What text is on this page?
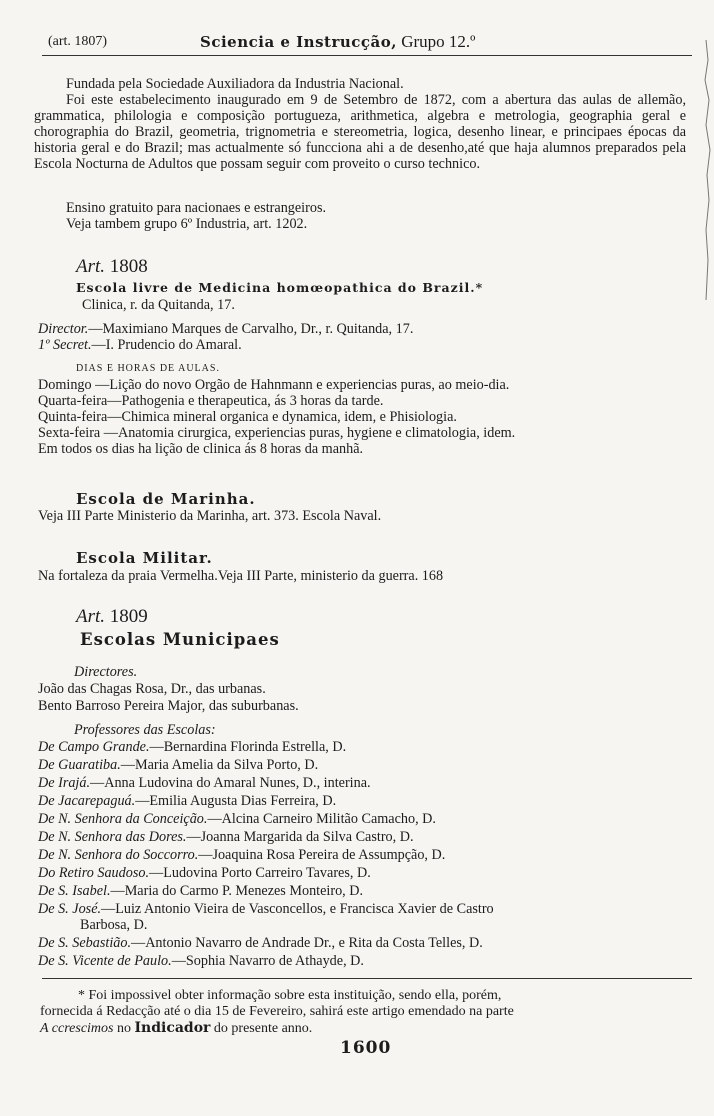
(art. 1807)	Sciencia e Instrucção, Grupo 12.º
Fundada pela Sociedade Auxiliadora da Industria Nacional.
Foi este estabelecimento inaugurado em 9 de Setembro de 1872, com a abertura das aulas de allemão, grammatica, philologia e composição portugueza, arithmetica, algebra e metrologia, geographia geral e chorographia do Brazil, geometria, trignometria e stereometria, logica, desenho linear, e principaes épocas da historia geral e do Brazil; mas actualmente só funcciona ahi a de desenho,até que haja alumnos preparados pela Escola Nocturna de Adultos que possam seguir com proveito o curso technico.
Ensino gratuito para nacionaes e estrangeiros.
Veja tambem grupo 6º Industria, art. 1202.
Art. 1808
Escola livre de Medicina homœopathica do Brazil.*
Clinica, r. da Quitanda, 17.
Director.—Maximiano Marques de Carvalho, Dr., r. Quitanda, 17.
1º Secret.—I. Prudencio do Amaral.
DIAS E HORAS DE AULAS.
Domingo —Lição do novo Orgão de Hahnmann e experiencias puras, ao meio-dia.
Quarta-feira—Pathogenia e therapeutica, ás 3 horas da tarde.
Quinta-feira—Chimica mineral organica e dynamica, idem, e Phisiologia.
Sexta-feira —Anatomia cirurgica, experiencias puras, hygiene e climatologia, idem.
Em todos os dias ha lição de clinica ás 8 horas da manhã.
Escola de Marinha.
Veja III Parte Ministerio da Marinha, art. 373. Escola Naval.
Escola Militar.
Na fortaleza da praia Vermelha.Veja III Parte, ministerio da guerra. 168
Art. 1809
Escolas Municipaes
Directores.
João das Chagas Rosa, Dr., das urbanas.
Bento Barroso Pereira Major, das suburbanas.
Professores das Escolas:
De Campo Grande.—Bernardina Florinda Estrella, D.
De Guaratiba.—Maria Amelia da Silva Porto, D.
De Irajá.—Anna Ludovina do Amaral Nunes, D., interina.
De Jacarepaguá.—Emilia Augusta Dias Ferreira, D.
De N. Senhora da Conceição.—Alcina Carneiro Militão Camacho, D.
De N. Senhora das Dores.—Joanna Margarida da Silva Castro, D.
De N. Senhora do Soccorro.—Joaquina Rosa Pereira de Assumpção, D.
Do Retiro Saudoso.—Ludovina Porto Carreiro Tavares, D.
De S. Isabel.—Maria do Carmo P. Menezes Monteiro, D.
De S. José.—Luiz Antonio Vieira de Vasconcellos, e Francisca Xavier de Castro
Barbosa, D.
De S. Sebastião.—Antonio Navarro de Andrade Dr., e Rita da Costa Telles, D.
De S. Vicente de Paulo.—Sophia Navarro de Athayde, D.
* Foi impossivel obter informação sobre esta instituição, sendo ella, porém,
fornecida á Redacção até o dia 15 de Fevereiro, sahirá este artigo emendado na parte
A ccrescimos no Indicador do presente anno.
1600
